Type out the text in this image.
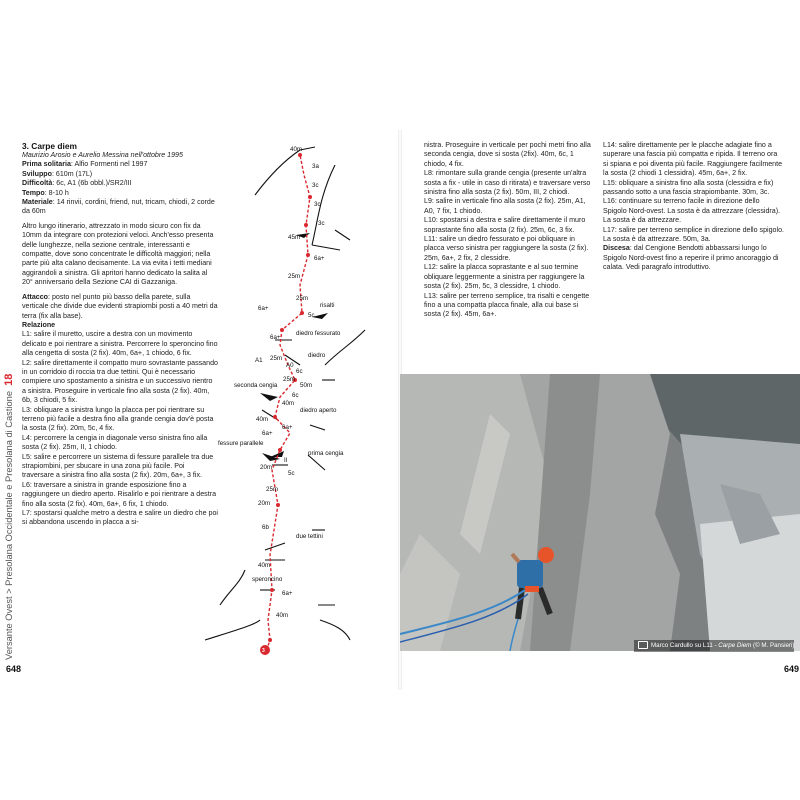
Versante Ovest > Presolana Occidentale e Presolana di Castione  18

3. Carpe diem

Maurizio Arosio e Aurelio Messina nell'ottobre 1995

Prima solitaria: Alfio Formenti nel 1997

Sviluppo: 610m (17L)

Difficoltà: 6c, A1 (6b obbl.)/SR2/III

Tempo: 8-10 h

Materiale: 14 rinvii, cordini, friend, nut, tricam, chiodi, 2 corde da 60m

Altro lungo itinerario, attrezzato in modo sicuro con fix da 10mm da integrare con protezioni veloci. Anch'esso presenta delle lunghezze, nella sezione centrale, interessanti e compatte, dove sono concentrate le difficoltà maggiori; nella parte più alta calano decisamente. La via evita i tetti mediani aggirandoli a sinistra. Gli apritori hanno dedicato la salita al 20° anniversario della Sezione CAI di Gazzaniga.

Attacco: posto nel punto più basso della parete, sulla verticale che divide due evidenti strapiombi posti a 40 metri da terra (fix alla base).

Relazione

L1: salire il muretto, uscire a destra con un movimento delicato e poi rientrare a sinistra. Percorrere lo speroncino fino alla cengetta di sosta (2 fix). 40m, 6a+, 1 chiodo, 6 fix.

L2: salire direttamente il compatto muro sovrastante passando in un corridoio di roccia tra due tettini. Qui è necessario compiere uno spostamento a sinistra e un successivo rientro a sinistra. Proseguire in verticale fino alla sosta (2 fix). 40m, 6b, 3 chiodi, 5 fix.

L3: obliquare a sinistra lungo la placca per poi rientrare su terreno più facile a destra fino alla grande cengia dov'è posta la sosta (2 fix). 20m, 5c, 4 fix.

L4: percorrere la cengia in diagonale verso sinistra fino alla sosta (2 fix). 25m, II, 1 chiodo.

L5: salire e percorrere un sistema di fessure parallele tra due strapiombini, per sbucare in una zona più facile. Poi traversare a sinistra fino alla sosta (2 fix). 20m, 6a+, 3 fix.

L6: traversare a sinistra in grande esposizione fino a raggiungere un diedro aperto. Risalirlo e poi rientrare a destra fino alla sosta (2 fix). 40m, 6a+, 6 fix, 1 chiodo.

L7: spostarsi qualche metro a destra e salire un diedro che poi si abbandona uscendo in placca a si-

3
3a
3c
3c
3c
6a+
risalti
5c
6a+
diedro fessurato
6a+
A1
A0
6c
diedro
seconda cengia
6c
diedro aperto
6a+
fessure parallele
6a+
II
prima cengia
5c
6b
due tettini
speroncino
6a+
40m
45m
25m
25m
25m
25m
50m
40m
40m
20m
25m
20m
40m
40m

nistra. Proseguire in verticale per pochi metri fino alla seconda cengia, dove si sosta (2fix). 40m, 6c, 1 chiodo, 4 fix.

L8: rimontare sulla grande cengia (presente un'altra sosta a fix - utile in caso di ritirata) e traversare verso sinistra fino alla sosta (2 fix). 50m, III, 2 chiodi.

L9: salire in verticale fino alla sosta (2 fix). 25m, A1, A0, 7 fix, 1 chiodo.

L10: spostarsi a destra e salire direttamente il muro soprastante fino alla sosta (2 fix). 25m, 6c, 3 fix.

L11: salire un diedro fessurato e poi obliquare in placca verso sinistra per raggiungere la sosta (2 fix). 25m, 6a+, 2 fix, 2 clessidre.

L12: salire la placca soprastante e al suo termine obliquare leggermente a sinistra per raggiungere la sosta (2 fix). 25m, 5c, 3 clessidre, 1 chiodo.

L13: salire per terreno semplice, tra risalti e cengette fino a una compatta placca finale, alla cui base si sosta (2 fix). 45m, 6a+.

L14: salire direttamente per le placche adagiate fino a superare una fascia più compatta e ripida. Il terreno ora si spiana e poi diventa più facile. Raggiungere facilmente la sosta (2 chiodi 1 clessidra). 45m, 6a+, 2 fix.

L15: obliquare a sinistra fino alla sosta (clessidra e fix) passando sotto a una fascia strapiombante. 30m, 3c.

L16: continuare su terreno facile in direzione dello Spigolo Nord-ovest. La sosta è da attrezzare (clessidra). La sosta è da attrezzare.

L17: salire per terreno semplice in direzione dello spigolo. La sosta è da attrezzare. 50m, 3a.

Discesa: dal Cengione Bendotti abbassarsi lungo lo Spigolo Nord-ovest fino a reperire il primo ancoraggio di calata. Vedi paragrafo introduttivo.

Marco Cardullo su L11 - Carpe Diem (© M. Pansieri)
648	649
